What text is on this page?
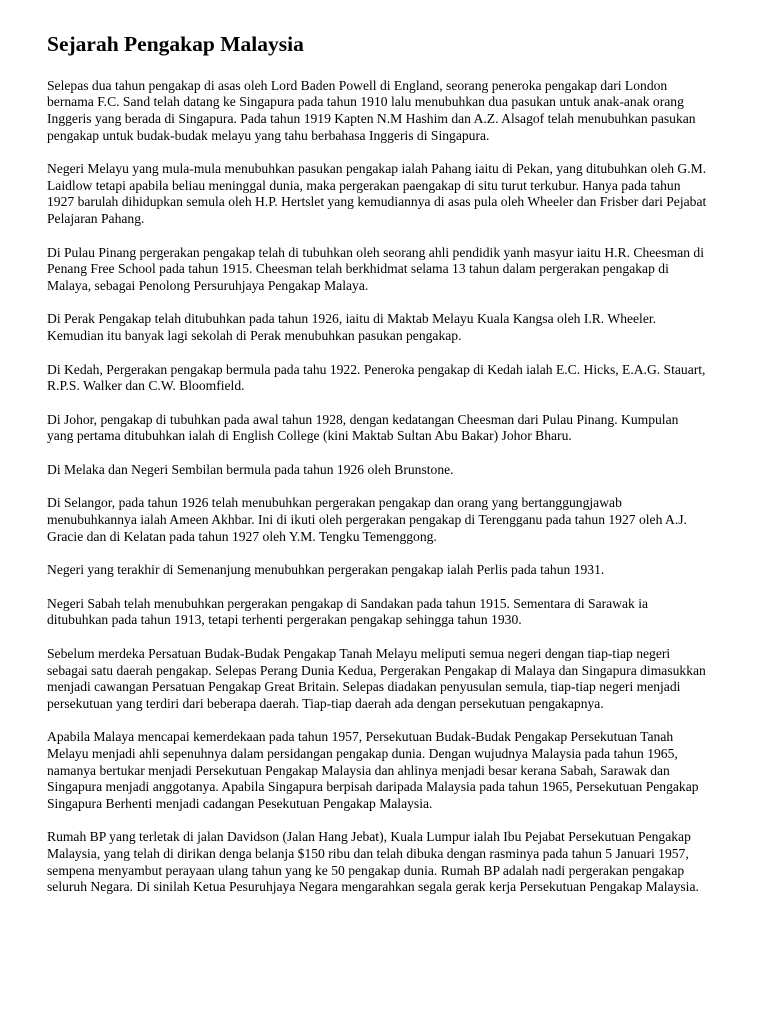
Sejarah Pengakap Malaysia

Selepas dua tahun pengakap di asas oleh Lord Baden Powell di England, seorang peneroka pengakap dari London bernama F.C. Sand telah datang ke Singapura pada tahun 1910 lalu menubuhkan dua pasukan untuk anak-anak orang Inggeris yang berada di Singapura. Pada tahun 1919 Kapten N.M Hashim dan A.Z. Alsagof telah menubuhkan pasukan pengakap untuk budak-budak melayu yang tahu berbahasa Inggeris di Singapura.

Negeri Melayu yang mula-mula menubuhkan pasukan pengakap ialah Pahang iaitu di Pekan, yang ditubuhkan oleh G.M. Laidlow tetapi apabila beliau meninggal dunia, maka pergerakan paengakap di situ turut terkubur. Hanya pada tahun 1927 barulah dihidupkan semula oleh H.P. Hertslet yang kemudiannya di asas pula oleh Wheeler dan Frisber dari Pejabat Pelajaran Pahang.

Di Pulau Pinang pergerakan pengakap telah di tubuhkan oleh seorang ahli pendidik yanh masyur iaitu H.R. Cheesman di Penang Free School pada tahun 1915. Cheesman telah berkhidmat selama 13 tahun dalam pergerakan pengakap di Malaya, sebagai Penolong Persuruhjaya Pengakap Malaya.

Di Perak Pengakap telah ditubuhkan pada tahun 1926, iaitu di Maktab Melayu Kuala Kangsa oleh I.R. Wheeler. Kemudian itu banyak lagi sekolah di Perak menubuhkan pasukan pengakap.

Di Kedah, Pergerakan pengakap bermula pada tahu 1922. Peneroka pengakap di Kedah ialah E.C. Hicks, E.A.G. Stauart, R.P.S. Walker dan C.W. Bloomfield.

Di Johor, pengakap di tubuhkan pada awal tahun 1928, dengan kedatangan Cheesman dari Pulau Pinang. Kumpulan yang pertama ditubuhkan ialah di English College (kini Maktab Sultan Abu Bakar) Johor Bharu.

Di Melaka dan Negeri Sembilan bermula pada tahun 1926 oleh Brunstone.

Di Selangor, pada tahun 1926 telah menubuhkan pergerakan pengakap dan orang yang bertanggungjawab menubuhkannya ialah Ameen Akhbar. Ini di ikuti oleh pergerakan pengakap di Terengganu pada tahun 1927 oleh A.J. Gracie dan di Kelatan pada tahun 1927 oleh Y.M. Tengku Temenggong.

Negeri yang terakhir di Semenanjung menubuhkan pergerakan pengakap ialah Perlis pada tahun 1931.

Negeri Sabah telah menubuhkan pergerakan pengakap di Sandakan pada tahun 1915. Sementara di Sarawak ia ditubuhkan pada tahun 1913, tetapi terhenti pergerakan pengakap sehingga tahun 1930.

Sebelum merdeka Persatuan Budak-Budak Pengakap Tanah Melayu meliputi semua negeri dengan tiap-tiap negeri sebagai satu daerah pengakap. Selepas Perang Dunia Kedua, Pergerakan Pengakap di Malaya dan Singapura dimasukkan menjadi cawangan Persatuan Pengakap Great Britain. Selepas diadakan penyusulan semula, tiap-tiap negeri menjadi persekutuan yang terdiri dari beberapa daerah. Tiap-tiap daerah ada dengan persekutuan pengakapnya.

Apabila Malaya mencapai kemerdekaan pada tahun 1957, Persekutuan Budak-Budak Pengakap Persekutuan Tanah Melayu menjadi ahli sepenuhnya dalam persidangan pengakap dunia. Dengan wujudnya Malaysia pada tahun 1965, namanya bertukar menjadi Persekutuan Pengakap Malaysia dan ahlinya menjadi besar kerana Sabah, Sarawak dan Singapura menjadi anggotanya. Apabila Singapura berpisah daripada Malaysia pada tahun 1965, Persekutuan Pengakap Singapura Berhenti menjadi cadangan Pesekutuan Pengakap Malaysia.

Rumah BP yang terletak di jalan Davidson (Jalan Hang Jebat), Kuala Lumpur ialah Ibu Pejabat Persekutuan Pengakap Malaysia, yang telah di dirikan denga belanja $150 ribu dan telah dibuka dengan rasminya pada tahun 5 Januari 1957, sempena menyambut perayaan ulang tahun yang ke 50 pengakap dunia. Rumah BP adalah nadi pergerakan pengakap seluruh Negara. Di sinilah Ketua Pesuruhjaya Negara mengarahkan segala gerak kerja Persekutuan Pengakap Malaysia.
